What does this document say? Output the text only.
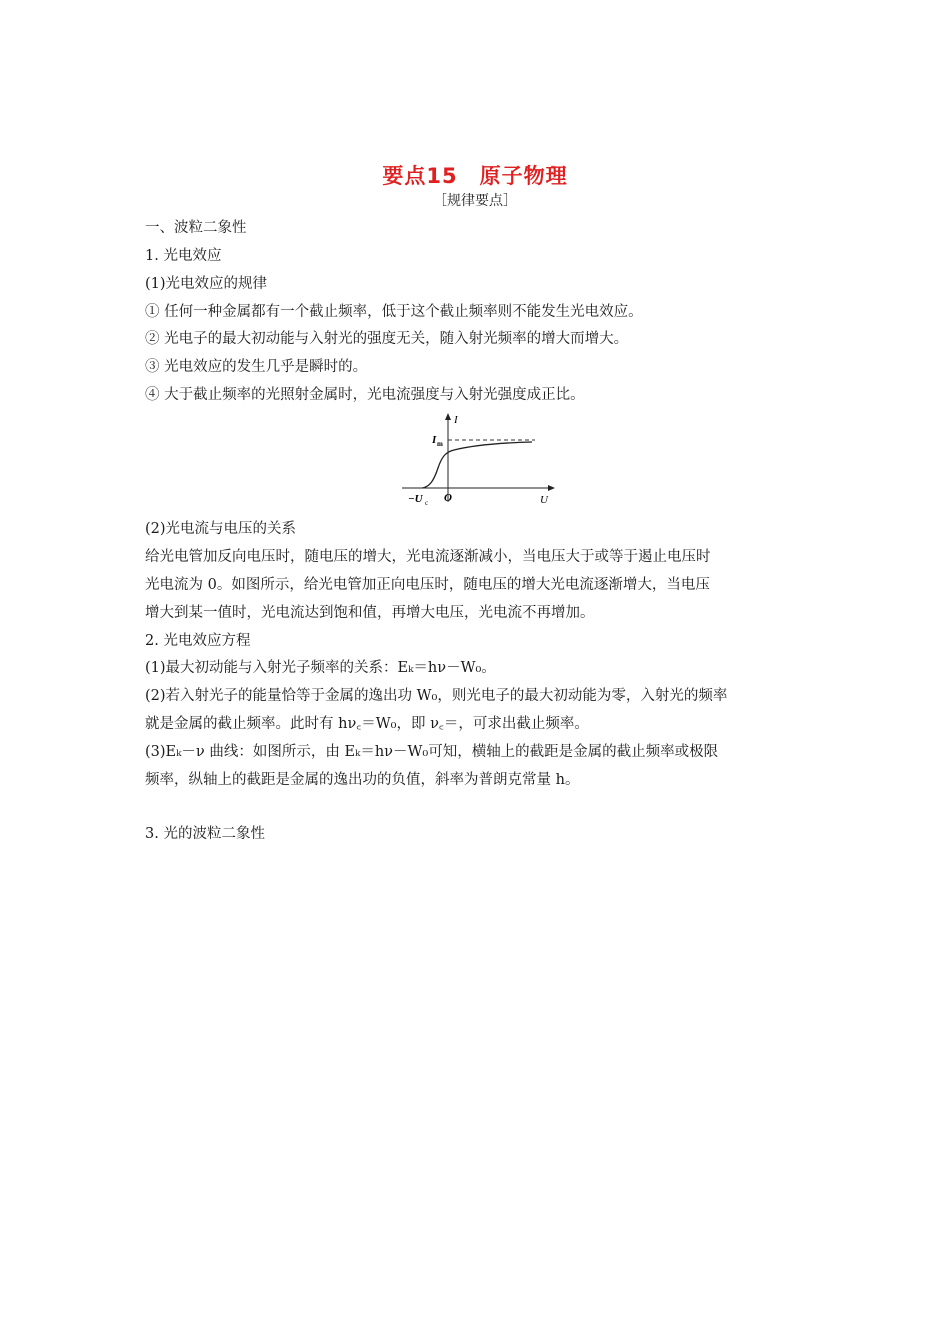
要点15　原子物理
［规律要点］
一、波粒二象性
1. 光电效应
(1)光电效应的规律
① 任何一种金属都有一个截止频率，低于这个截止频率则不能发生光电效应。
② 光电子的最大初动能与入射光的强度无关，随入射光频率的增大而增大。
③ 光电效应的发生几乎是瞬时的。
④ 大于截止频率的光照射金属时，光电流强度与入射光强度成正比。
I
I m
−U c O	U
(2)光电流与电压的关系
给光电管加反向电压时，随电压的增大，光电流逐渐减小，当电压大于或等于遏止电压时
光电流为 0。如图所示，给光电管加正向电压时，随电压的增大光电流逐渐增大，当电压
增大到某一值时，光电流达到饱和值，再增大电压，光电流不再增加。
2. 光电效应方程
(1)最大初动能与入射光子频率的关系：Eₖ＝hν－W₀。
(2)若入射光子的能量恰等于金属的逸出功 W₀，则光电子的最大初动能为零，入射光的频率
就是金属的截止频率。此时有 hν꜀＝W₀，即 ν꜀＝，可求出截止频率。
(3)Eₖ－ν 曲线：如图所示，由 Eₖ＝hν－W₀可知，横轴上的截距是金属的截止频率或极限
频率，纵轴上的截距是金属的逸出功的负值，斜率为普朗克常量 h。
3. 光的波粒二象性
